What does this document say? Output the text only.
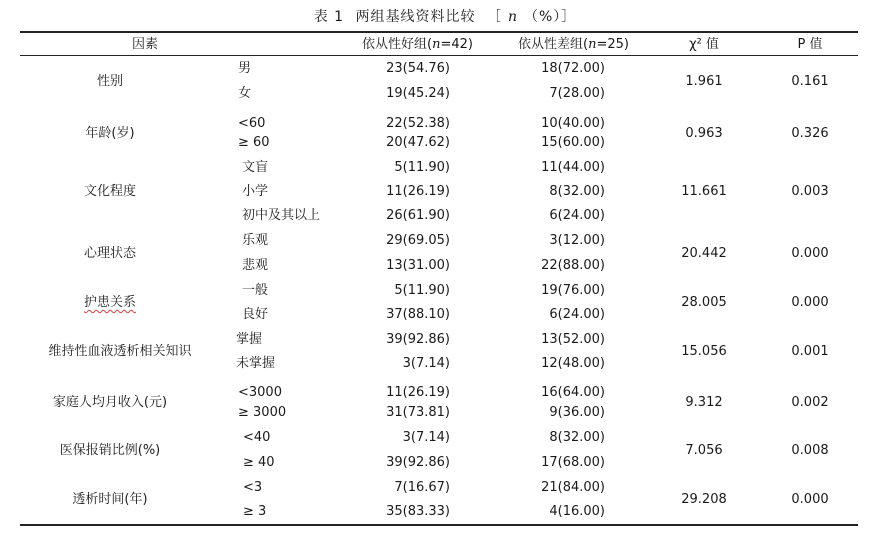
表 1 两组基线资料比较 ［ n （%）］
因素	依从性好组(n=42)	依从性差组(n=25)	χ² 值	P 值
性别
男	23(54.76)	18(72.00)
女	19(45.24)	7(28.00)
1.961	0.161
年龄(岁)
<60	22(52.38)	10(40.00)
≥ 60	20(47.62)	15(60.00)
0.963	0.326
文化程度
文盲	5(11.90)	11(44.00)
小学	11(26.19)	8(32.00)
初中及其以上	26(61.90)	6(24.00)
11.661	0.003
心理状态
乐观	29(69.05)	3(12.00)
悲观	13(31.00)	22(88.00)
20.442	0.000
护患关系
一般	5(11.90)	19(76.00)
良好	37(88.10)	6(24.00)
28.005	0.000
维持性血液透析相关知识
掌握	39(92.86)	13(52.00)
未掌握	3(7.14)	12(48.00)
15.056	0.001
家庭人均月收入(元)
<3000	11(26.19)	16(64.00)
≥ 3000	31(73.81)	9(36.00)
9.312	0.002
医保报销比例(%)
<40	3(7.14)	8(32.00)
≥ 40	39(92.86)	17(68.00)
7.056	0.008
透析时间(年)
<3	7(16.67)	21(84.00)
≥ 3	35(83.33)	4(16.00)
29.208	0.000
